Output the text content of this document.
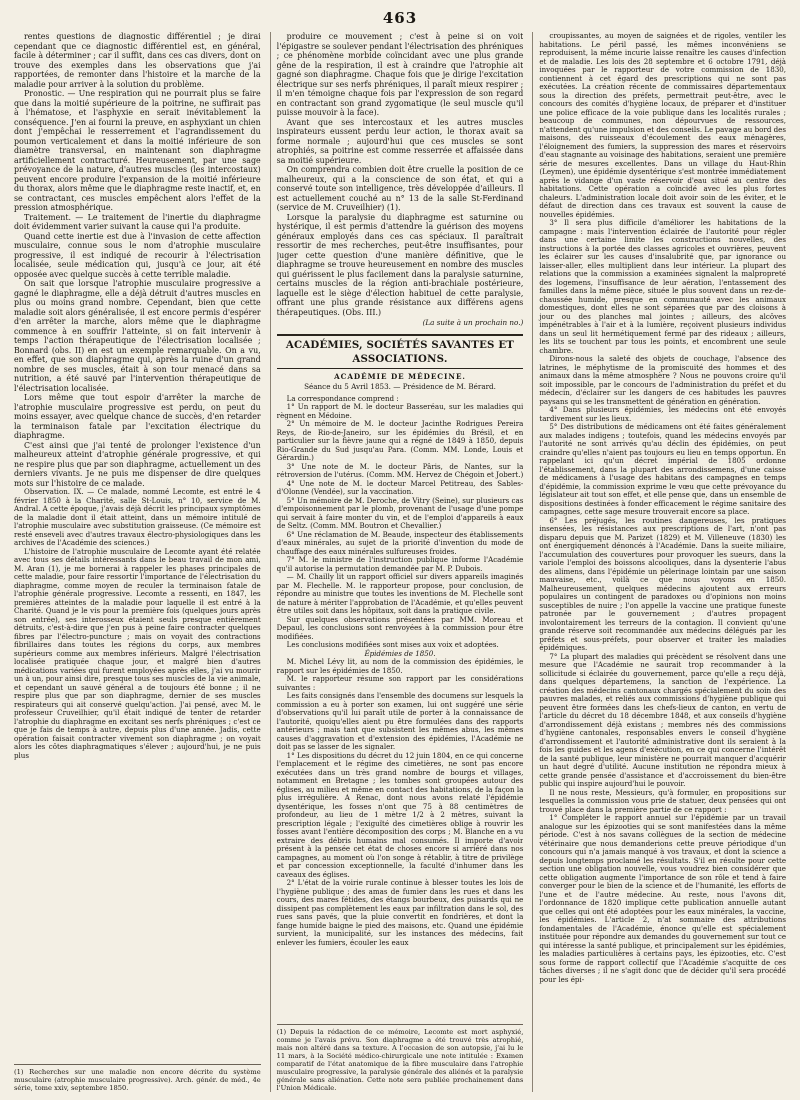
463

rentes questions de diagnostic différentiel ; je dirai cependant que ce diagnostic différentiel est, en général, facile à déterminer ; car il suffit, dans ces cas divers, dont on trouve des exemples dans les observations que j'ai rapportées, de remonter dans l'histoire et la marche de la maladie pour arriver à la solution du problème.

Pronostic. — Une respiration qui ne pourrait plus se faire que dans la moitié supérieure de la poitrine, ne suffirait pas à l'hématose, et l'asphyxie en serait inévitablement la conséquence. J'en ai fourni la preuve, en asphyxiant un chien dont j'empêchai le resserrement et l'agrandissement du poumon verticalement et dans la moitié inférieure de son diamètre transversal, en maintenant son diaphragme artificiellement contracturé. Heureusement, par une sage prévoyance de la nature, d'autres muscles (les intercostaux) peuvent encore produire l'expansion de la moitié inférieure du thorax, alors même que le diaphragme reste inactif, et, en se contractant, ces muscles empêchent alors l'effet de la pression atmosphérique.

Traitement. — Le traitement de l'inertie du diaphragme doit évidemment varier suivant la cause qui l'a produite.

Quand cette inertie est due à l'invasion de cette affection musculaire, connue sous le nom d'atrophie musculaire progressive, il est indiqué de recourir à l'électrisation localisée, seule médication qui, jusqu'à ce jour, ait été opposée avec quelque succès à cette terrible maladie.

On sait que lorsque l'atrophie musculaire progressive a gagné le diaphragme, elle a déjà détruit d'autres muscles en plus ou moins grand nombre. Cependant, bien que cette maladie soit alors généralisée, il est encore permis d'espérer d'en arrêter la marche, alors même que le diaphragme commence à en souffrir l'atteinte, si on fait intervenir à temps l'action thérapeutique de l'électrisation localisée ; Bonnard (obs. II) en est un exemple remarquable. On a vu, en effet, que son diaphragme qui, après la ruine d'un grand nombre de ses muscles, était à son tour menacé dans sa nutrition, a été sauvé par l'intervention thérapeutique de l'électrisation localisée.

Lors même que tout espoir d'arrêter la marche de l'atrophie musculaire progressive est perdu, on peut du moins essayer, avec quelque chance de succès, d'en retarder la terminaison fatale par l'excitation électrique du diaphragme.

C'est ainsi que j'ai tenté de prolonger l'existence d'un malheureux atteint d'atrophie générale progressive, et qui ne respire plus que par son diaphragme, actuellement un des derniers vivants. Je ne puis me dispenser de dire quelques mots sur l'histoire de ce malade.

Observation. IX. — Ce malade, nommé Lecomte, est entré le 4 février 1850 à la Charité, salle St-Louis, n° 10, service de M. Andral. A cette époque, j'avais déjà décrit les principaux symptômes de la maladie dont il était atteint, dans un mémoire intitulé de l'atrophie musculaire avec substitution graisseuse. (Ce mémoire est resté enseveli avec d'autres travaux électro-physiologiques dans les archives de l'Académie des sciences.)

L'histoire de l'atrophie musculaire de Lecomte ayant été relatée avec tous ses détails intéressants dans le beau travail de mon ami, M. Aran (1), je me bornerai à rappeler les phases principales de cette maladie, pour faire ressortir l'importance de l'électrisation du diaphragme, comme moyen de reculer la terminaison fatale de l'atrophie générale progressive. Lecomte a ressenti, en 1847, les premières atteintes de la maladie pour laquelle il est entré à la Charité. Quand je le vis pour la première fois (quelques jours après son entrée), ses interosseux étaient seuls presque entièrement détruits, c'est-à-dire que j'en pus à peine faire contracter quelques fibres par l'électro-puncture ; mais on voyait des contractions fibrillaires dans toutes les régions du corps, aux membres supérieurs comme aux membres inférieurs. Malgré l'électrisation localisée pratiquée chaque jour, et malgré bien d'autres médications variées qui furent employées après elles, j'ai vu mourir un à un, pour ainsi dire, presque tous ses muscles de la vie animale, et cependant un sauvé général a de toujours été bonne ; il ne respire plus que par son diaphragme, dernier de ses muscles respirateurs qui ait conservé quelqu'action. J'ai pensé, avec M. le professeur Cruveilhier, qu'il était indiqué de tenter de retarder l'atrophie du diaphragme en excitant ses nerfs phréniques ; c'est ce que je fais de temps à autre, depuis plus d'une année. Jadis, cette opération faisait contracter vivement son diaphragme ; on voyait alors les côtes diaphragmatiques s'élever ; aujourd'hui, je ne puis plus

(1) Recherches sur une maladie non encore décrite du système musculaire (atrophie musculaire progressive). Arch. génér. de méd., 4e série, tome xxiv, septembre 1850.

produire ce mouvement ; c'est à peine si on voit l'épigastre se soulever pendant l'électrisation des phréniques ; ce phénomène morbide coïncidant avec une plus grande gêne de la respiration, il est à craindre que l'atrophie ait gagné son diaphragme. Chaque fois que je dirige l'excitation électrique sur ses nerfs phréniques, il paraît mieux respirer ; il m'en témoigne chaque fois par l'expression de son regard en contractant son grand zygomatique (le seul muscle qu'il puisse mouvoir à la face).

Avant que ses intercostaux et les autres muscles inspirateurs eussent perdu leur action, le thorax avait sa forme normale ; aujourd'hui que ces muscles se sont atrophiés, sa poitrine est comme resserrée et affaissée dans sa moitié supérieure.

On comprendra combien doit être cruelle la position de ce malheureux, qui a la conscience de son état, et qui a conservé toute son intelligence, très développée d'ailleurs. Il est actuellement couché au n° 13 de la salle St-Ferdinand (service de M. Cruveilhier) (1).

Lorsque la paralysie du diaphragme est saturnine ou hystérique, il est permis d'attendre la guérison des moyens généraux employés dans ces cas spéciaux. Il paraîtrait ressortir de mes recherches, peut-être insuffisantes, pour juger cette question d'une manière définitive, que le diaphragme se trouve heureusement en nombre des muscles qui guérissent le plus facilement dans la paralysie saturnine, certains muscles de la région anti-brachiale postérieure, laquelle est le siège d'élection habituel de cette paralysie, offrant une plus grande résistance aux différens agens thérapeutiques. (Obs. III.)

(La suite à un prochain no.)
ACADÉMIES, SOCIÉTÉS SAVANTES ET ASSOCIATIONS.
ACADÉMIE DE MÉDECINE.
Séance du 5 Avril 1853. — Présidence de M. Bérard.

La correspondance comprend :

1° Un rapport de M. le docteur Basseréau, sur les maladies qui règnent en Médoine.

2° Un mémoire de M. le docteur Jacinthe Rodrigues Pereira Reys, de Rio-de-Janeiro, sur les épidémies du Brésil, et en particulier sur la fièvre jaune qui a régné de 1849 à 1850, depuis Rio-Grande du Sud jusqu'au Para. (Comm. MM. Londe, Louis et Gérardin.)

3° Une note de M. le docteur Pâris, de Nantes, sur la rétroversion de l'utérus. (Comm. MM. Hervez de Chégoin et Jobert.)

4° Une note de M. le docteur Marcel Petitreau, des Sables-d'Olonne (Vendée), sur la vaccination.

5° Un mémoire de M. Deroche, de Vitry (Seine), sur plusieurs cas d'empoisonnement par le plomb, provenant de l'usage d'une pompe qui servait à faire monter du vin, et de l'emploi d'appareils à eaux de Seltz. (Comm. MM. Boutron et Chevallier.)

6° Une réclamation de M. Beaude, inspecteur des établissements d'eaux minérales, au sujet de la priorité d'invention du mode de chauffage des eaux minérales sulfureuses froides.

7° M. le ministre de l'instruction publique informe l'Académie qu'il autorise la permutation demandée par M. P. Dubois.

— M. Chailly lit un rapport officiel sur divers appareils imaginés par M. Flechelle. M. le rapporteur propose, pour conclusion, de répondre au ministre que toutes les inventions de M. Flechelle sont de nature à mériter l'approbation de l'Académie, et qu'elles peuvent être utiles soit dans les hôpitaux, soit dans la pratique civile.

Sur quelques observations présentées par MM. Moreau et Depaul, les conclusions sont renvoyées à la commission pour être modifiées.

Les conclusions modifiées sont mises aux voix et adoptées.

Épidémies de 1850.

M. Michel Lévy lit, au nom de la commission des épidémies, le rapport sur les épidémies de 1850.

M. le rapporteur résume son rapport par les considérations suivantes :

Les faits consignés dans l'ensemble des documens sur lesquels la commission a eu à porter son examen, lui ont suggéré une série d'observations qu'il lui paraît utile de porter à la connaissance de l'autorité, quoiqu'elles aient pu être formulées dans des rapports antérieurs ; mais tant que subsistent les mêmes abus, les mêmes causes d'aggravation et d'extension des épidémies, l'Académie ne doit pas se lasser de les signaler.

1° Les dispositions du décret du 12 juin 1804, en ce qui concerne l'emplacement et le régime des cimetières, ne sont pas encore exécutées dans un très grand nombre de bourgs et villages, notamment en Bretagne ; les tombes sont groupées autour des églises, au milieu et même en contact des habitations, de la façon la plus irrégulière. A Renac, dont nous avons relaté l'épidémie dysentérique, les fosses n'ont que 75 à 88 centimètres de profondeur, au lieu de 1 mètre 1/2 à 2 mètres, suivant la prescription légale ; l'exiguïté des cimetières oblige à rouvrir les fosses avant l'entière décomposition des corps ; M. Blanche en a vu extraire des débris humains mal consumés. Il importe d'avoir présent à la pensée cet état de choses encore si arriéré dans nos campagnes, au moment où l'on songe à rétablir, à titre de privilège et par concession exceptionnelle, la faculté d'inhumer dans les caveaux des églises.

2° L'état de la voirie rurale continue à blesser toutes les lois de l'hygiène publique ; des amas de fumier dans les rues et dans les cours, des mares fétides, des étangs bourbeux, des puisards qui ne dissipent pas complètement les eaux par infiltration dans le sol, des rues sans pavés, que la pluie convertit en fondrières, et dont la fange humide baigne le pied des maisons, etc. Quand une épidémie survient, la municipalité, sur les instances des médecins, fait enlever les fumiers, écouler les eaux

(1) Depuis la rédaction de ce mémoire, Lecomte est mort asphyxié, comme je l'avais prévu. Son diaphragme a été trouvé très atrophié, mais non altéré dans sa texture. A l'occasion de son autopsie, j'ai lu le 11 mars, à la Société médico-chirurgicale une note intitulée : Examen comparatif de l'état anatomique de la fibre musculaire dans l'atrophie musculaire progressive, la paralysie générale des aliénés et la paralysie générale sans aliénation. Cette note sera publiée prochainement dans l'Union Médicale.

croupissantes, au moyen de saignées et de rigoles, ventiler les habitations. Le péril passé, les mêmes inconvéniens se reproduisent, la même incurie laisse renaître les causes d'infection et de maladie. Les lois des 28 septembre et 6 octobre 1791, déjà invoquées par le rapporteur de votre commission de 1830, contiennent à cet égard des prescriptions qui ne sont pas exécutées. La création récente de commissaires départementaux sous la direction des préfets, permettrait peut-être, avec le concours des comités d'hygiène locaux, de préparer et d'instituer une police efficace de la voie publique dans les localités rurales ; beaucoup de communes, non dépourvues de ressources, n'attendent qu'une impulsion et des conseils. Le pavage au bord des maisons, des ruisseaux d'écoulement des eaux ménagères, l'éloignement des fumiers, la suppression des mares et réservoirs d'eau stagnante au voisinage des habitations, seraient une première série de mesures excellentes. Dans un village du Haut-Rhin (Leymen), une épidémie dysentérique s'est montrée immédiatement après le vidange d'un vaste réservoir d'eau situé au centre des habitations. Cette opération a coïncidé avec les plus fortes chaleurs. L'administration locale doit avoir soin de les éviter, et le défaut de direction dans ces travaux est souvent la cause de nouvelles épidémies.

3° Il sera plus difficile d'améliorer les habitations de la campagne : mais l'intervention éclairée de l'autorité pour régler dans une certaine limite les constructions nouvelles, des instructions à la portée des classes agricoles et ouvrières, peuvent les éclairer sur les causes d'insalubrité que, par ignorance ou laisser-aller, elles multiplient dans leur intérieur. La plupart des relations que la commission a examinées signalent la malpropreté des logemens, l'insuffisance de leur aération, l'entassement des familles dans la même pièce, située le plus souvent dans un rez-de-chaussée humide, presque en communauté avec les animaux domestiques, dont elles ne sont séparées que par des cloisons à jour ou des planches mal jointes ; ailleurs, des alcôves impénétrables à l'air et à la lumière, reçoivent plusieurs individus dans un seul lit hermétiquement fermé par des rideaux ; ailleurs, les lits se touchent par tous les points, et encombrent une seule chambre.

Dirons-nous la saleté des objets de couchage, l'absence des latrines, le méphytisme de la promiscuité des hommes et des animaux dans la même atmosphère ? Nous ne pouvons croire qu'il soit impossible, par le concours de l'administration du préfet et du médecin, d'éclairer sur les dangers de ces habitudes les pauvres paysans qui se les transmettent de génération en génération.

4° Dans plusieurs épidémies, les médecins ont été envoyés tardivement sur les lieux.

5° Des distributions de médicamens ont été faites généralement aux malades indigens ; toutefois, quand les médecins envoyés par l'autorité ne sont arrivés qu'au déclin des épidémies, on peut craindre qu'elles n'aient pas toujours eu lieu en temps opportun. En rappelant ici qu'un décret impérial de 1805 ordonne l'établissement, dans la plupart des arrondissemens, d'une caisse de médicamens à l'usage des habitans des campagnes en temps d'épidémie, la commission exprime le vœu que cette prévoyance du législateur ait tout son effet, et elle pense que, dans un ensemble de dispositions destinées à fonder efficacement le régime sanitaire des campagnes, cette sage mesure trouverait encore sa place.

6° Les préjugés, les routines dangereuses, les pratiques insensées, les résistances aux prescriptions de l'art, n'ont pas disparu depuis que M. Parizet (1829) et M. Villeneuve (1830) les ont énergiquement dénoncés à l'Académie. Dans la sueite miliaire, l'accumulation des couvertures pour provoquer les sueurs, dans la variole l'emploi des boissons alcooliques, dans la dysenterie l'abus des alimens, dans l'épidémie un pèlerinage lointain par une saison mauvaise, etc., voilà ce que nous voyons en 1850. Malheureusement, quelques médecins ajoutent aux erreurs populaires un contingent de paradoxes ou d'opinions non moins susceptibles de nuire ; l'on appelle la vaccine une pratique funeste patronée par le gouvernement ; d'autres propagent involontairement les terreurs de la contagion. Il convient qu'une grande réserve soit recommandée aux médecins délégués par les préfets et sous-préfets, pour observer et traiter les maladies épidémiques.

7° La plupart des maladies qui précèdent se résolvent dans une mesure que l'Académie ne saurait trop recommander à la sollicitude si éclairée du gouvernement, parce qu'elle a reçu déjà, dans quelques départemens, la sanction de l'expérience. La création des médecins cantonaux chargés spécialement du soin des pauvres malades, et reliés aux commissions d'hygiène publique qui peuvent être formées dans les chefs-lieux de canton, en vertu de l'article du décret du 18 décembre 1848, et aux conseils d'hygiène d'arrondissement déjà existans ; membres nés des commissions d'hygiène cantonales, responsables envers le conseil d'hygiène d'arrondissement et l'autorité administrative dont ils seraient à la fois les guides et les agens d'exécution, en ce qui concerne l'intérêt de la santé publique, leur ministère ne pourrait manquer d'acquérir un haut degré d'utilité. Aucune institution ne répondra mieux à cette grande pensée d'assistance et d'accroissement du bien-être public qui inspire aujourd'hui le pouvoir.

Il ne nous reste, Messieurs, qu'à formuler, en propositions sur lesquelles la commission vous prie de statuer, deux pensées qui ont trouvé place dans la première partie de ce rapport :

1° Compléter le rapport annuel sur l'épidémie par un travail analogue sur les épizooties qui se sont manifestées dans la même période. C'est à nos savans collègues de la section de médecine vétérinaire que nous demanderions cette preuve périodique d'un concours qui n'a jamais manqué à vos travaux, et dont la science a depuis longtemps proclamé les résultats. S'il en résulte pour cette section une obligation nouvelle, vous voudrez bien considérer que cette obligation augmente l'importance de son rôle et tend à faire converger pour le bien de la science et de l'humanité, les efforts de l'une et de l'autre médecine. Au reste, nous l'avons dit, l'ordonnance de 1820 implique cette publication annuelle autant que celles qui ont été adoptées pour les eaux minérales, la vaccine, les épidémies. L'article 2, n'at sommaire des attributions fondamentales de l'Académie, énonce qu'elle est spécialement instituée pour répondre aux demandes du gouvernement sur tout ce qui intéresse la santé publique, et principalement sur les épidémies, les maladies particulières à certains pays, les épizooties, etc. C'est sous forme de rapport collectif que l'Académie s'acquitte de ces tâches diverses ; il ne s'agit donc que de décider qu'il sera procédé pour les épi-
